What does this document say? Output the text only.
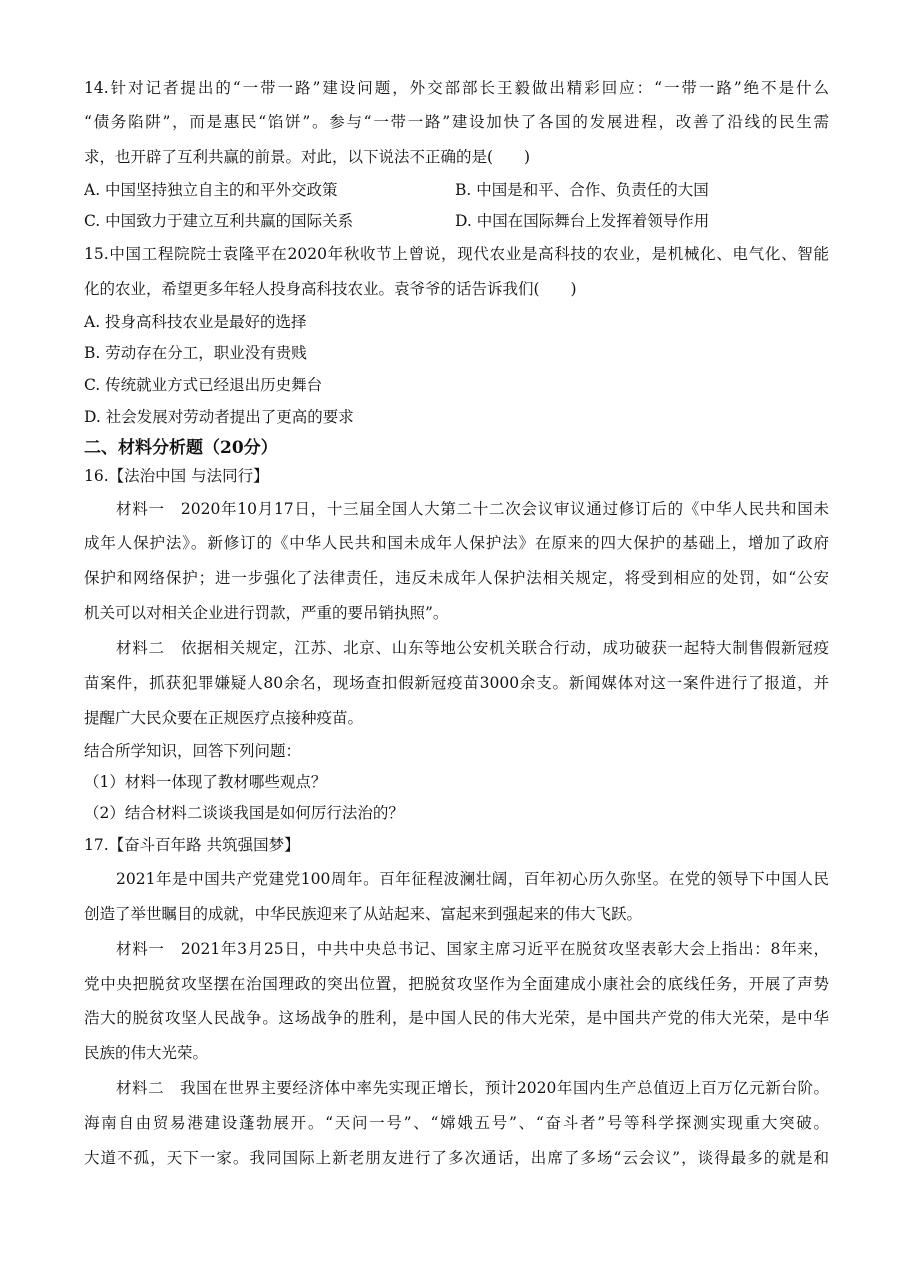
14.针对记者提出的“一带一路”建设问题，外交部部长王毅做出精彩回应：“一带一路”绝不是什么
“债务陷阱”，而是惠民“馅饼”。参与“一带一路”建设加快了各国的发展进程，改善了沿线的民生需
求，也开辟了互利共赢的前景。对此，以下说法不正确的是(　　)
A. 中国坚持独立自主的和平外交政策	B. 中国是和平、合作、负责任的大国
C. 中国致力于建立互利共赢的国际关系	D. 中国在国际舞台上发挥着领导作用
15.中国工程院院士袁隆平在2020年秋收节上曾说，现代农业是高科技的农业，是机械化、电气化、智能
化的农业，希望更多年轻人投身高科技农业。袁爷爷的话告诉我们(　　)
A. 投身高科技农业是最好的选择
B. 劳动存在分工，职业没有贵贱
C. 传统就业方式已经退出历史舞台
D. 社会发展对劳动者提出了更高的要求
二、材料分析题（20分）
16.【法治中国 与法同行】
材料一　2020年10月17日，十三届全国人大第二十二次会议审议通过修订后的《中华人民共和国未
成年人保护法》。新修订的《中华人民共和国未成年人保护法》在原来的四大保护的基础上，增加了政府
保护和网络保护；进一步强化了法律责任，违反未成年人保护法相关规定，将受到相应的处罚，如“公安
机关可以对相关企业进行罚款，严重的要吊销执照”。
材料二　依据相关规定，江苏、北京、山东等地公安机关联合行动，成功破获一起特大制售假新冠疫
苗案件，抓获犯罪嫌疑人80余名，现场查扣假新冠疫苗3000余支。新闻媒体对这一案件进行了报道，并
提醒广大民众要在正规医疗点接种疫苗。
结合所学知识，回答下列问题：
（1）材料一体现了教材哪些观点？
（2）结合材料二谈谈我国是如何厉行法治的？
17.【奋斗百年路 共筑强国梦】
2021年是中国共产党建党100周年。百年征程波澜壮阔，百年初心历久弥坚。在党的领导下中国人民
创造了举世瞩目的成就，中华民族迎来了从站起来、富起来到强起来的伟大飞跃。
材料一　2021年3月25日，中共中央总书记、国家主席习近平在脱贫攻坚表彰大会上指出：8年来，
党中央把脱贫攻坚摆在治国理政的突出位置，把脱贫攻坚作为全面建成小康社会的底线任务，开展了声势
浩大的脱贫攻坚人民战争。这场战争的胜利，是中国人民的伟大光荣，是中国共产党的伟大光荣，是中华
民族的伟大光荣。
材料二　我国在世界主要经济体中率先实现正增长，预计2020年国内生产总值迈上百万亿元新台阶。
海南自由贸易港建设蓬勃展开。“天问一号”、“嫦娥五号”、“奋斗者”号等科学探测实现重大突破。
大道不孤，天下一家。我同国际上新老朋友进行了多次通话，出席了多场“云会议”，谈得最多的就是和
